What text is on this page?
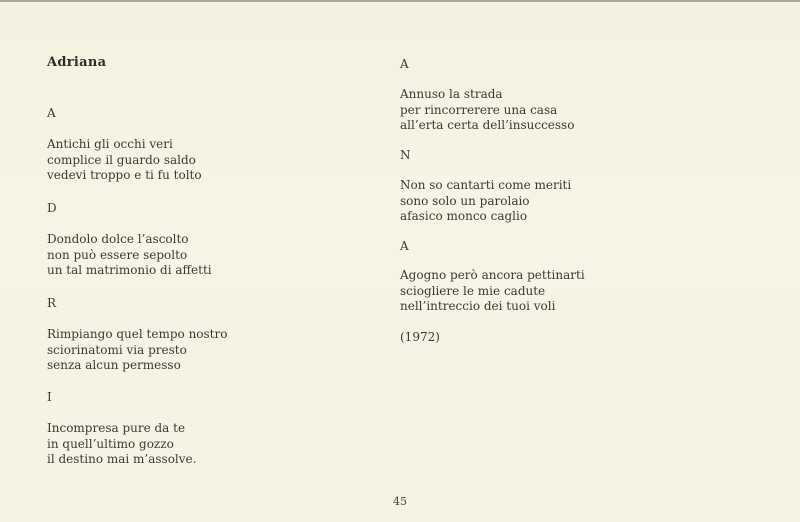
Adriana
A
Antichi gli occhi veri
complice il guardo saldo
vedevi troppo e ti fu tolto
D
Dondolo dolce l’ascolto
non può essere sepolto
un tal matrimonio di affetti
R
Rimpiango quel tempo nostro
sciorinatomi via presto
senza alcun permesso
I
Incompresa pure da te
in quell’ultimo gozzo
il destino mai m’assolve.
A
Annuso la strada
per rincorrerere una casa
all’erta certa dell’insuccesso
N
Non so cantarti come meriti
sono solo un parolaio
afasico monco caglio
A
Agogno però ancora pettinarti
sciogliere le mie cadute
nell’intreccio dei tuoi voli
(1972)
45
